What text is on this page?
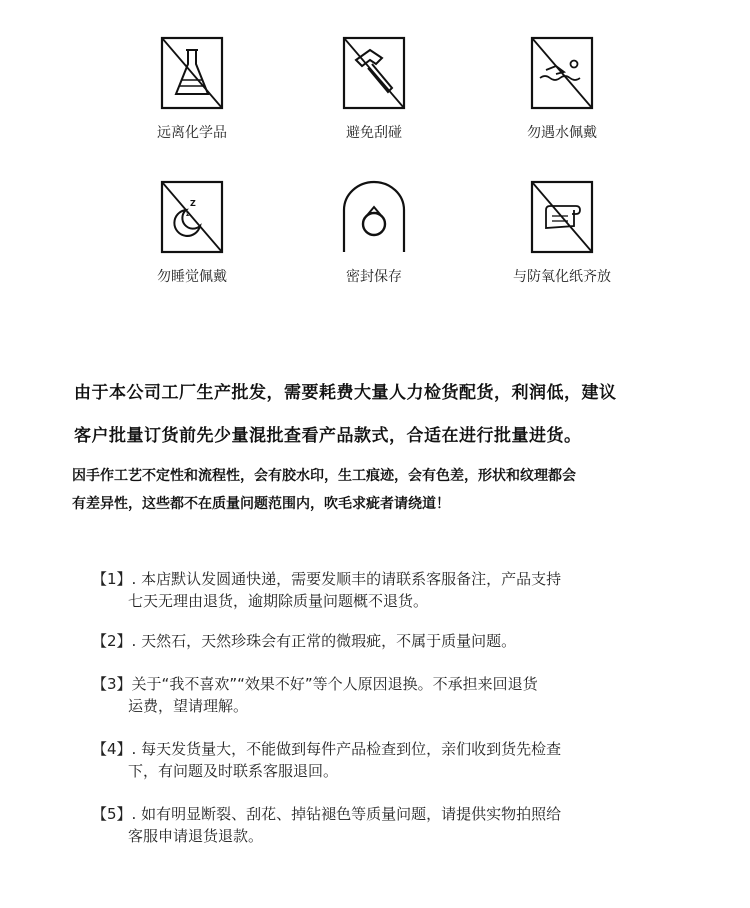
远离化学品	避免刮碰	勿遇水佩戴
Z
z
勿睡觉佩戴	密封保存	与防氧化纸齐放
由于本公司工厂生产批发，需要耗费大量人力检货配货，利润低，建议
客户批量订货前先少量混批查看产品款式，合适在进行批量进货。
因手作工艺不定性和流程性，会有胶水印，生工痕迹，会有色差，形状和纹理都会
有差异性，这些都不在质量问题范围内，吹毛求疵者请绕道！
【1】. 本店默认发圆通快递，需要发顺丰的请联系客服备注，产品支持
七天无理由退货，逾期除质量问题概不退货。
【2】. 天然石，天然珍珠会有正常的微瑕疵，不属于质量问题。
【3】关于“我不喜欢”“效果不好”等个人原因退换。不承担来回退货
运费，望请理解。
【4】. 每天发货量大，不能做到每件产品检查到位，亲们收到货先检查
下，有问题及时联系客服退回。
【5】. 如有明显断裂、刮花、掉钻褪色等质量问题，请提供实物拍照给
客服申请退货退款。
